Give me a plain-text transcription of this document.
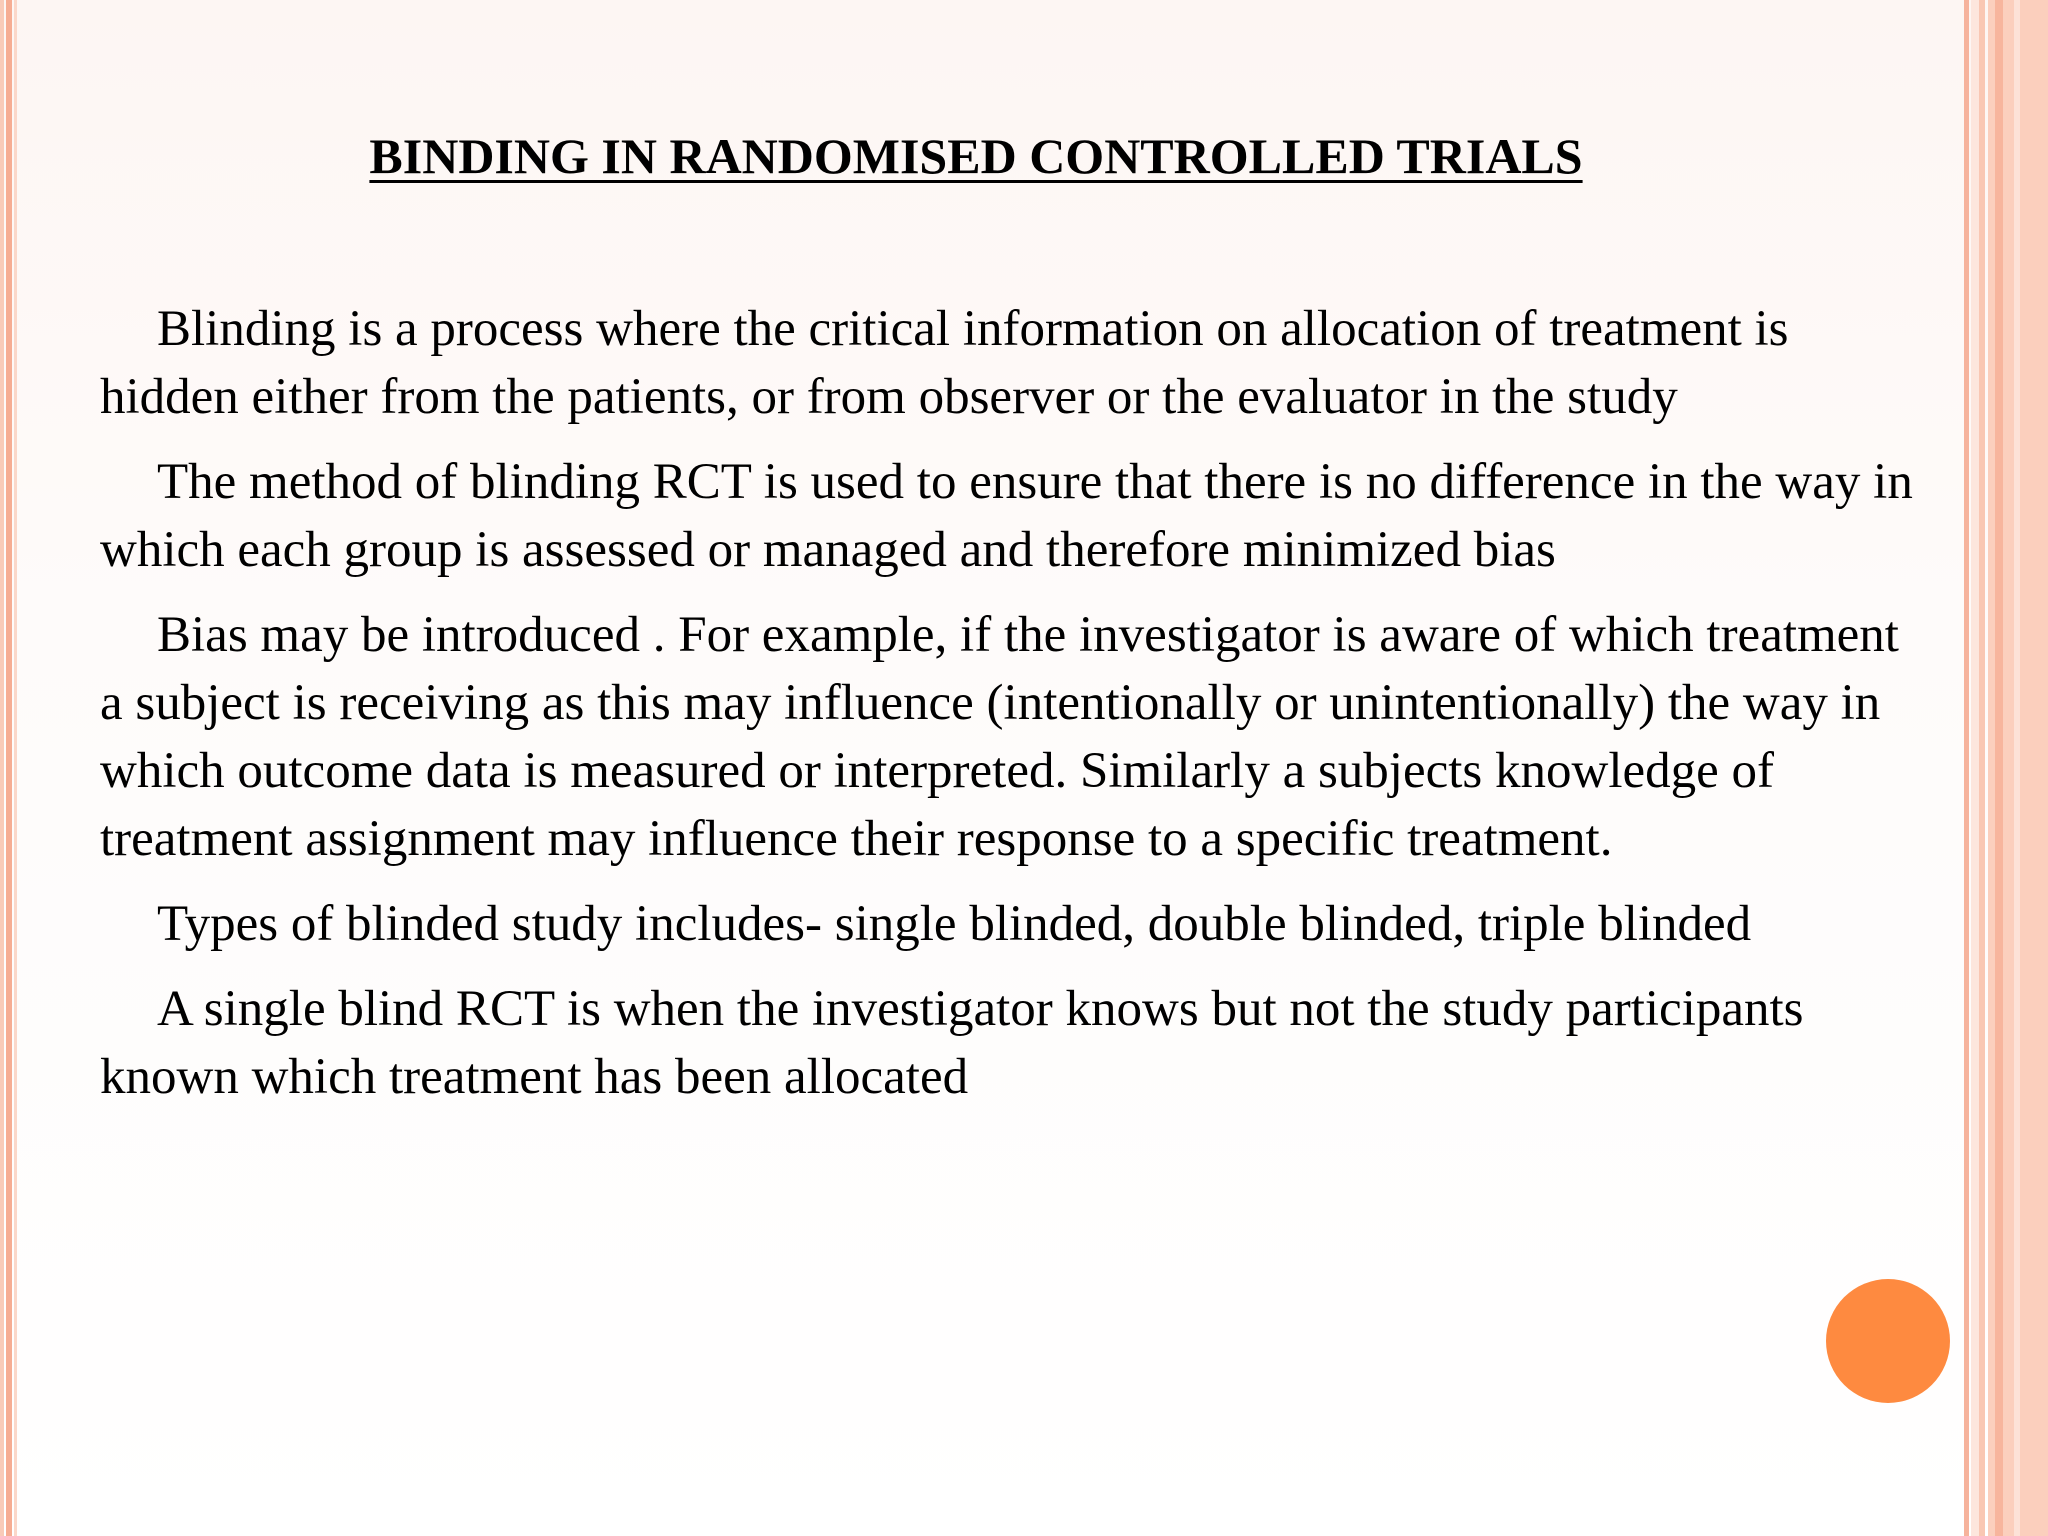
BINDING IN RANDOMISED CONTROLLED TRIALS

Blinding is a process where the critical information on allocation of treatment is hidden either from the patients, or from observer or the evaluator in the study

The method of blinding RCT is used to ensure that there is no difference in the way in which each group is assessed or managed and therefore minimized bias

Bias may be introduced . For example, if the investigator is aware of which treatment a subject is receiving as this may influence (intentionally or unintentionally) the way in which outcome data is measured or interpreted. Similarly a subjects knowledge of treatment assignment may influence their response to a specific treatment.

Types of blinded study includes- single blinded, double blinded, triple blinded

A single blind RCT is when the investigator knows but not the study participants known which treatment has been allocated
